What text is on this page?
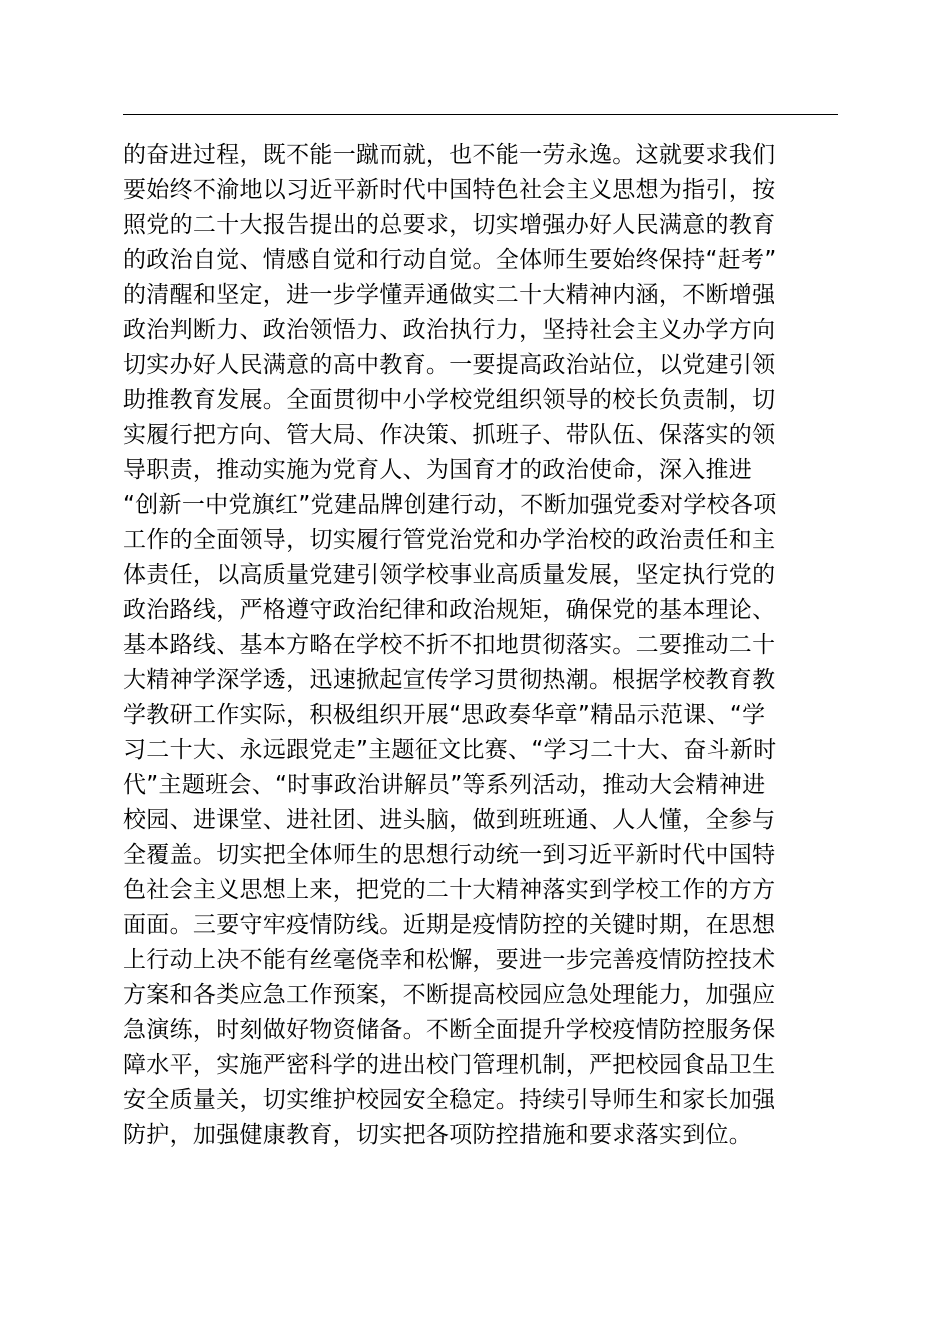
的奋进过程，既不能一蹴而就，也不能一劳永逸。这就要求我们
要始终不渝地以习近平新时代中国特色社会主义思想为指引，按
照党的二十大报告提出的总要求，切实增强办好人民满意的教育
的政治自觉、情感自觉和行动自觉。全体师生要始终保持“赶考”
的清醒和坚定，进一步学懂弄通做实二十大精神内涵，不断增强
政治判断力、政治领悟力、政治执行力，坚持社会主义办学方向
切实办好人民满意的高中教育。一要提高政治站位，以党建引领
助推教育发展。全面贯彻中小学校党组织领导的校长负责制，切
实履行把方向、管大局、作决策、抓班子、带队伍、保落实的领
导职责，推动实施为党育人、为国育才的政治使命，深入推进
“创新一中党旗红”党建品牌创建行动，不断加强党委对学校各项
工作的全面领导，切实履行管党治党和办学治校的政治责任和主
体责任，以高质量党建引领学校事业高质量发展，坚定执行党的
政治路线，严格遵守政治纪律和政治规矩，确保党的基本理论、
基本路线、基本方略在学校不折不扣地贯彻落实。二要推动二十
大精神学深学透，迅速掀起宣传学习贯彻热潮。根据学校教育教
学教研工作实际，积极组织开展“思政奏华章”精品示范课、“学
习二十大、永远跟党走”主题征文比赛、“学习二十大、奋斗新时
代”主题班会、“时事政治讲解员”等系列活动，推动大会精神进
校园、进课堂、进社团、进头脑，做到班班通、人人懂，全参与
全覆盖。切实把全体师生的思想行动统一到习近平新时代中国特
色社会主义思想上来，把党的二十大精神落实到学校工作的方方
面面。三要守牢疫情防线。近期是疫情防控的关键时期，在思想
上行动上决不能有丝毫侥幸和松懈，要进一步完善疫情防控技术
方案和各类应急工作预案，不断提高校园应急处理能力，加强应
急演练，时刻做好物资储备。不断全面提升学校疫情防控服务保
障水平，实施严密科学的进出校门管理机制，严把校园食品卫生
安全质量关，切实维护校园安全稳定。持续引导师生和家长加强
防护，加强健康教育，切实把各项防控措施和要求落实到位。
